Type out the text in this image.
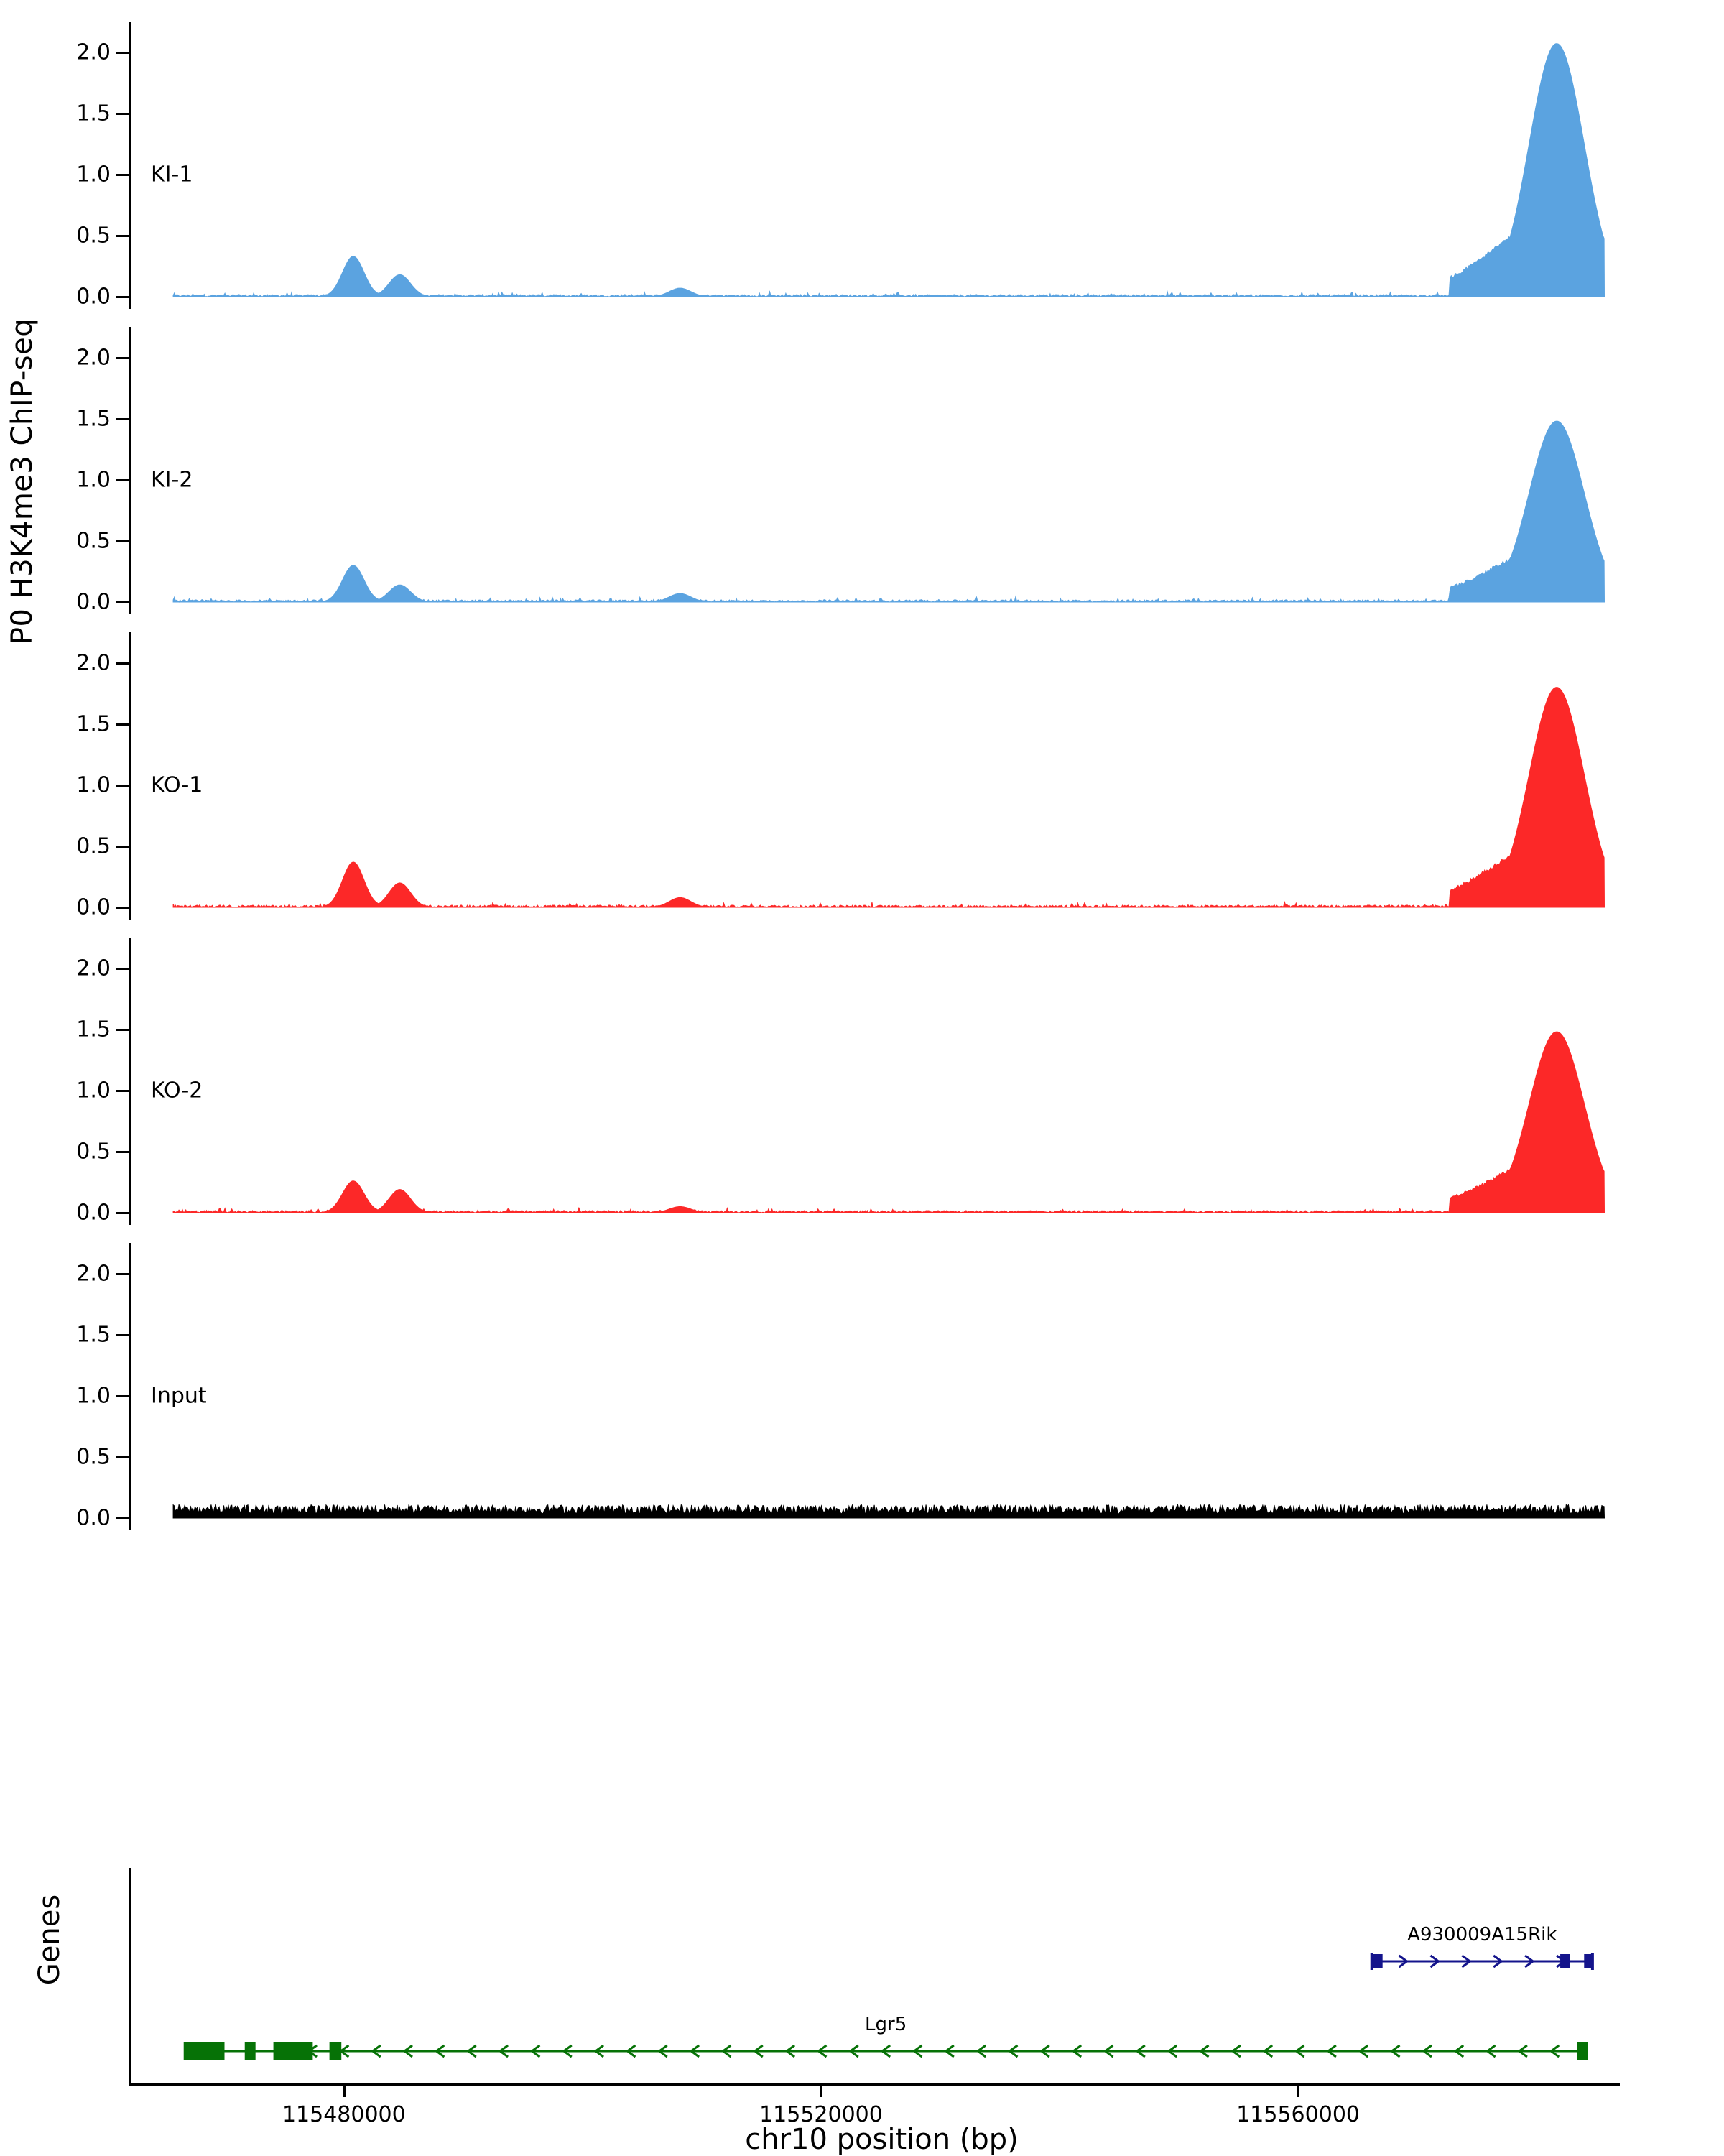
P0 H3K4me3 ChIP-seq
Genes
0.0
0.5
1.0
1.5
2.0
KI-1
0.0
0.5
1.0
1.5
2.0
KI-2
0.0
0.5
1.0
1.5
2.0
KO-1
0.0
0.5
1.0
1.5
2.0
KO-2
0.0
0.5
1.0
1.5
2.0
Input
A930009A15Rik
Lgr5
115480000	115520000	115560000
chr10 position (bp)
